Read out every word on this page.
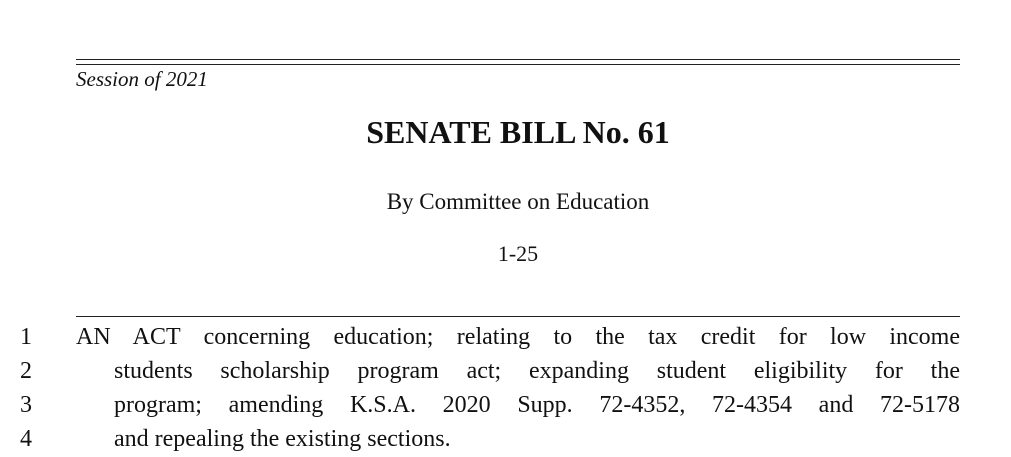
Session of 2021
SENATE BILL No. 61
By Committee on Education
1-25
1
2
3
4
AN ACT concerning education; relating to the tax credit for low income
students scholarship program act; expanding student eligibility for the
program; amending K.S.A. 2020 Supp. 72-4352, 72-4354 and 72-5178
and repealing the existing sections.
